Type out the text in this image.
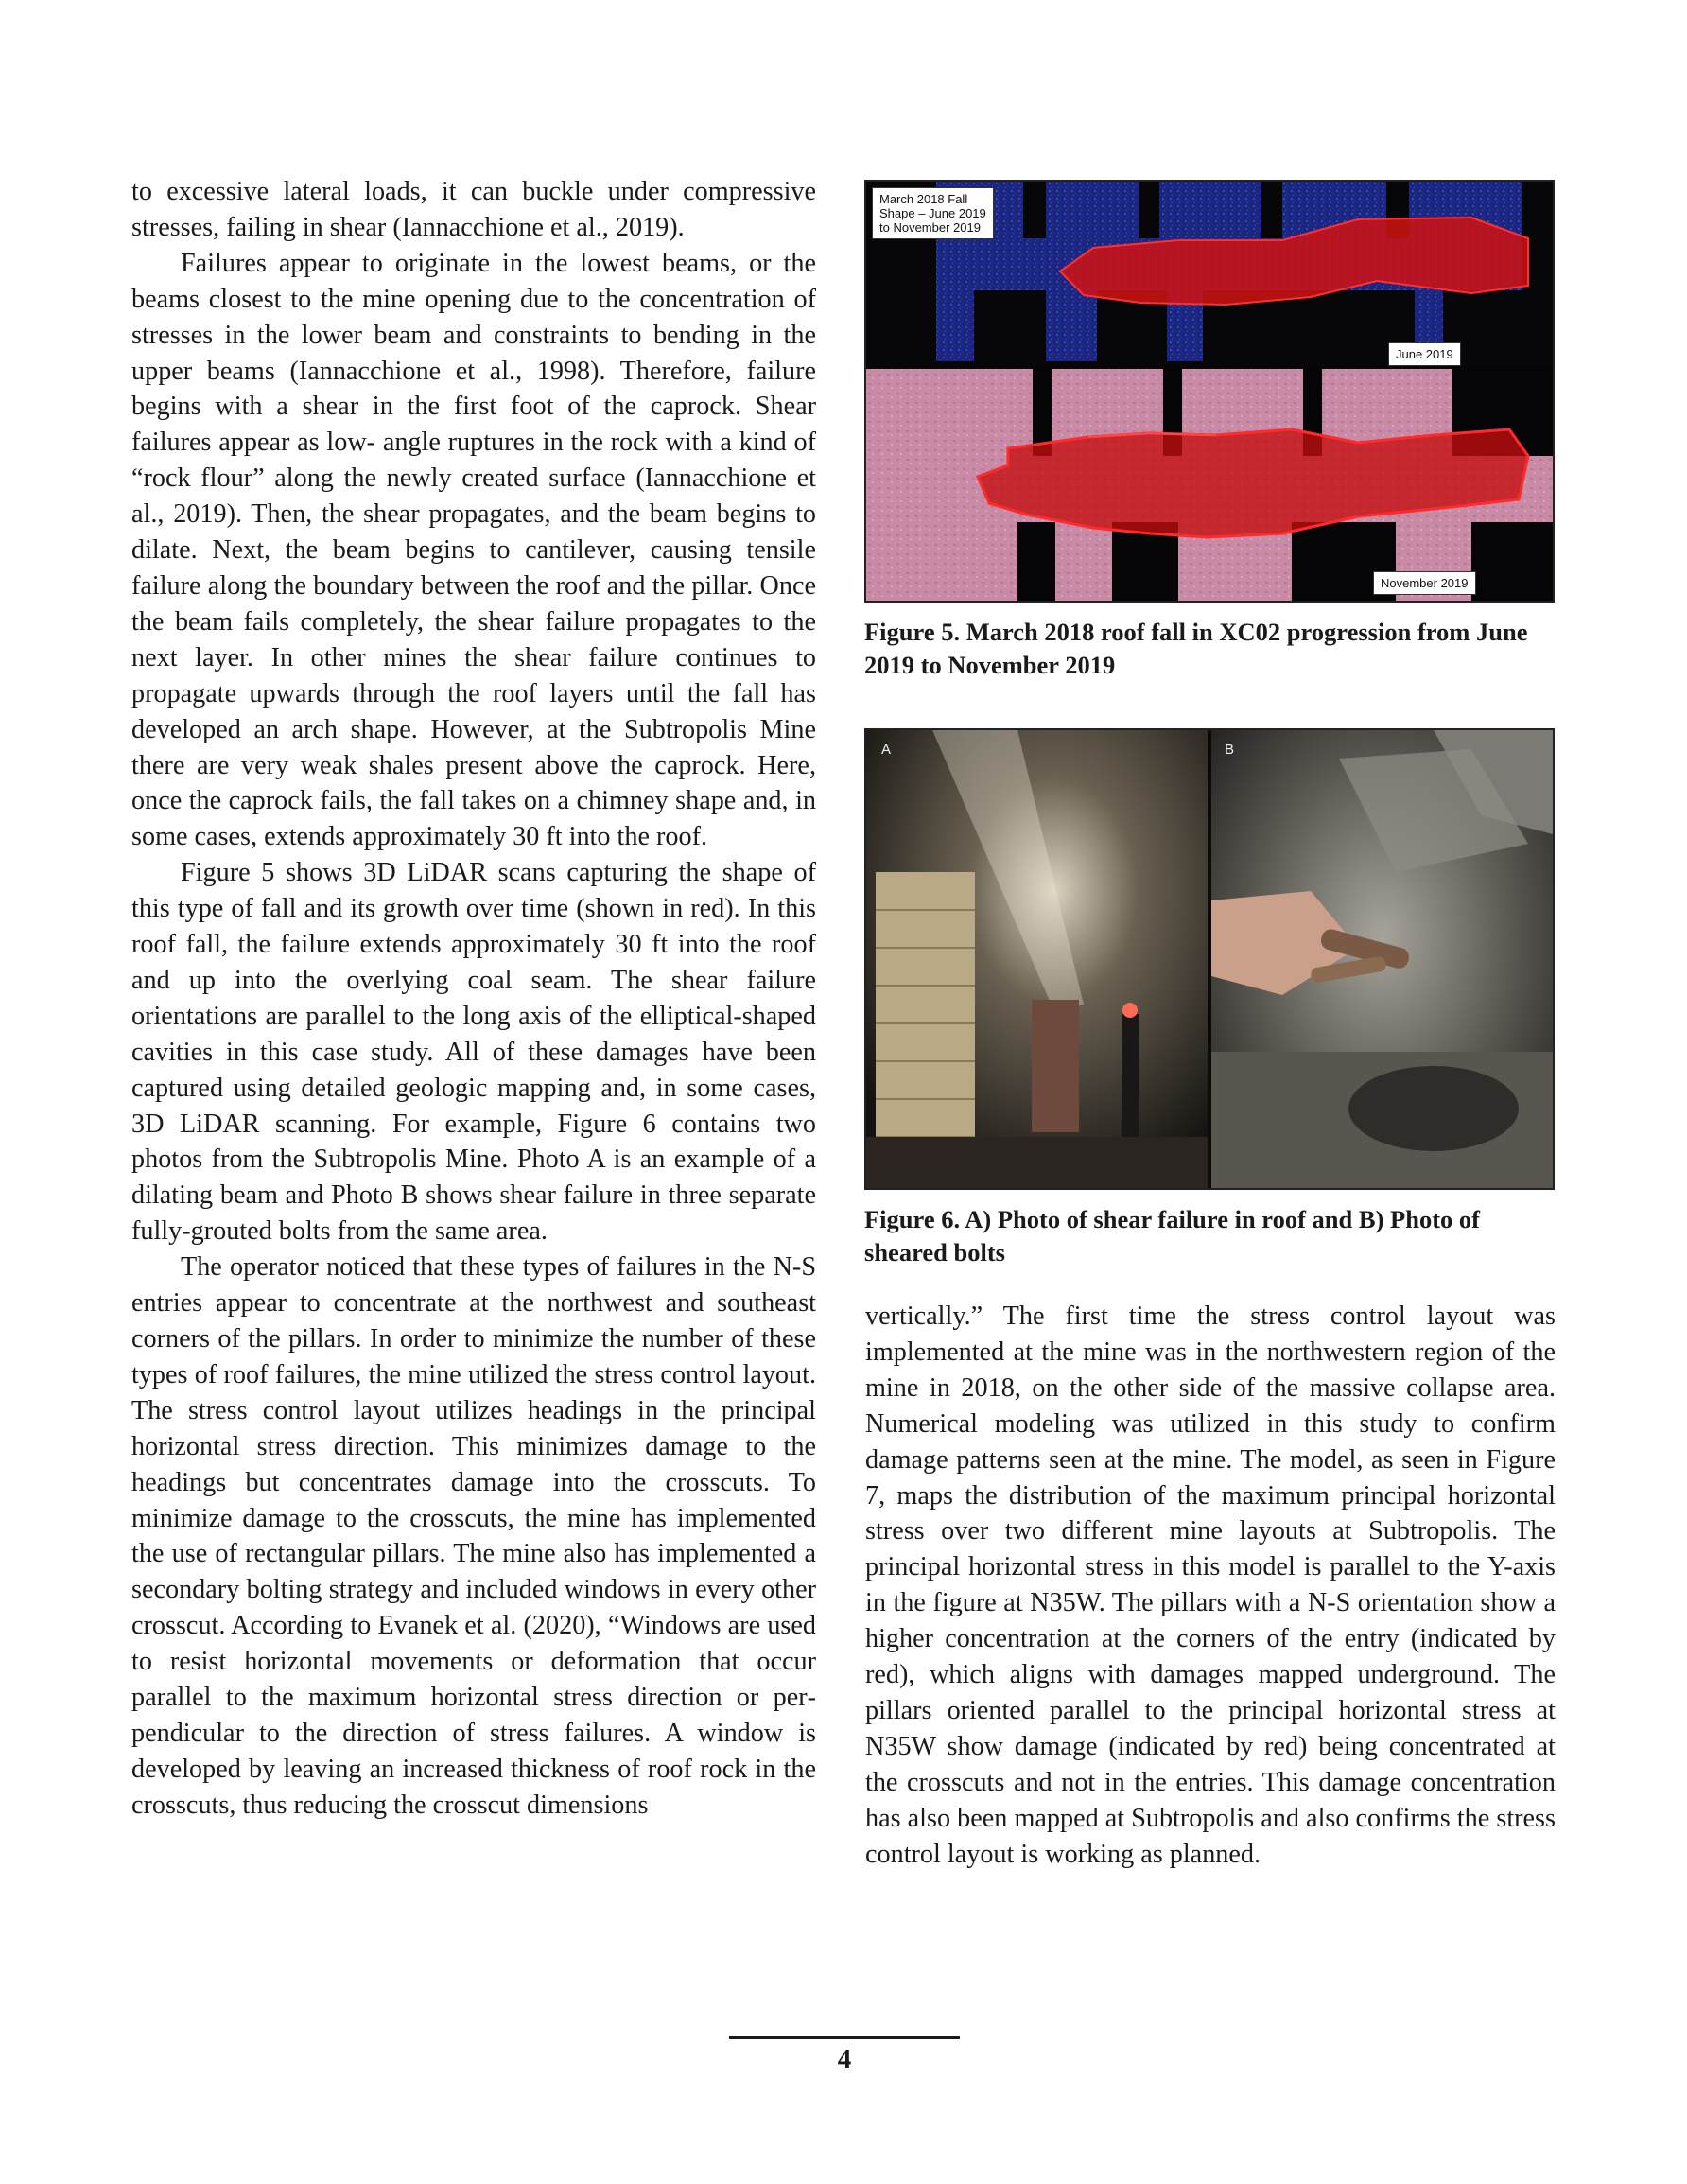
to excessive lateral loads, it can buckle under compressive stresses, failing in shear (Iannacchione et al., 2019).

Failures appear to originate in the lowest beams, or the beams closest to the mine opening due to the concentration of stresses in the lower beam and constraints to bending in the upper beams (Iannacchione et al., 1998). Therefore, failure begins with a shear in the first foot of the caprock. Shear failures appear as low- angle ruptures in the rock with a kind of “rock flour” along the newly created surface (Iannacchione et al., 2019). Then, the shear propagates, and the beam begins to dilate. Next, the beam begins to cantilever, causing tensile failure along the boundary between the roof and the pillar. Once the beam fails completely, the shear failure propagates to the next layer. In other mines the shear failure continues to propagate upwards through the roof layers until the fall has developed an arch shape. However, at the Subtropolis Mine there are very weak shales present above the caprock. Here, once the caprock fails, the fall takes on a chimney shape and, in some cases, extends approximately 30 ft into the roof.

Figure 5 shows 3D LiDAR scans capturing the shape of this type of fall and its growth over time (shown in red). In this roof fall, the failure extends approximately 30 ft into the roof and up into the overlying coal seam. The shear failure orientations are parallel to the long axis of the elliptical-shaped cavities in this case study. All of these damages have been captured using detailed geologic mapping and, in some cases, 3D LiDAR scanning. For example, Figure 6 contains two photos from the Subtropolis Mine. Photo A is an example of a dilating beam and Photo B shows shear failure in three separate fully-grouted bolts from the same area.

The operator noticed that these types of failures in the N-S entries appear to concentrate at the northwest and southeast corners of the pillars. In order to minimize the number of these types of roof failures, the mine utilized the stress control layout. The stress control layout utilizes headings in the principal horizontal stress direction. This minimizes damage to the headings but concentrates damage into the crosscuts. To minimize damage to the crosscuts, the mine has implemented the use of rectangular pillars. The mine also has implemented a secondary bolting strategy and included windows in every other crosscut. According to Evanek et al. (2020), “Windows are used to resist horizontal movements or deformation that occur parallel to the maximum horizontal stress direction or perpendicular to the direction of stress failures. A window is developed by leaving an increased thickness of roof rock in the crosscuts, thus reducing the crosscut dimensions

March 2018 Fall
Shape – June 2019
to November 2019
June 2019
November 2019
Figure 5. March 2018 roof fall in XC02 progression from June 2019 to November 2019
A	B
Figure 6. A) Photo of shear failure in roof and B) Photo of sheared bolts

vertically.” The first time the stress control layout was implemented at the mine was in the northwestern region of the mine in 2018, on the other side of the massive collapse area. Numerical modeling was utilized in this study to confirm damage patterns seen at the mine. The model, as seen in Figure 7, maps the distribution of the maximum principal horizontal stress over two different mine layouts at Subtropolis. The principal horizontal stress in this model is parallel to the Y-axis in the figure at N35W. The pillars with a N-S orientation show a higher concentration at the corners of the entry (indicated by red), which aligns with damages mapped underground. The pillars oriented parallel to the principal horizontal stress at N35W show damage (indicated by red) being concentrated at the crosscuts and not in the entries. This damage concentration has also been mapped at Subtropolis and also confirms the stress control layout is working as planned.

4
